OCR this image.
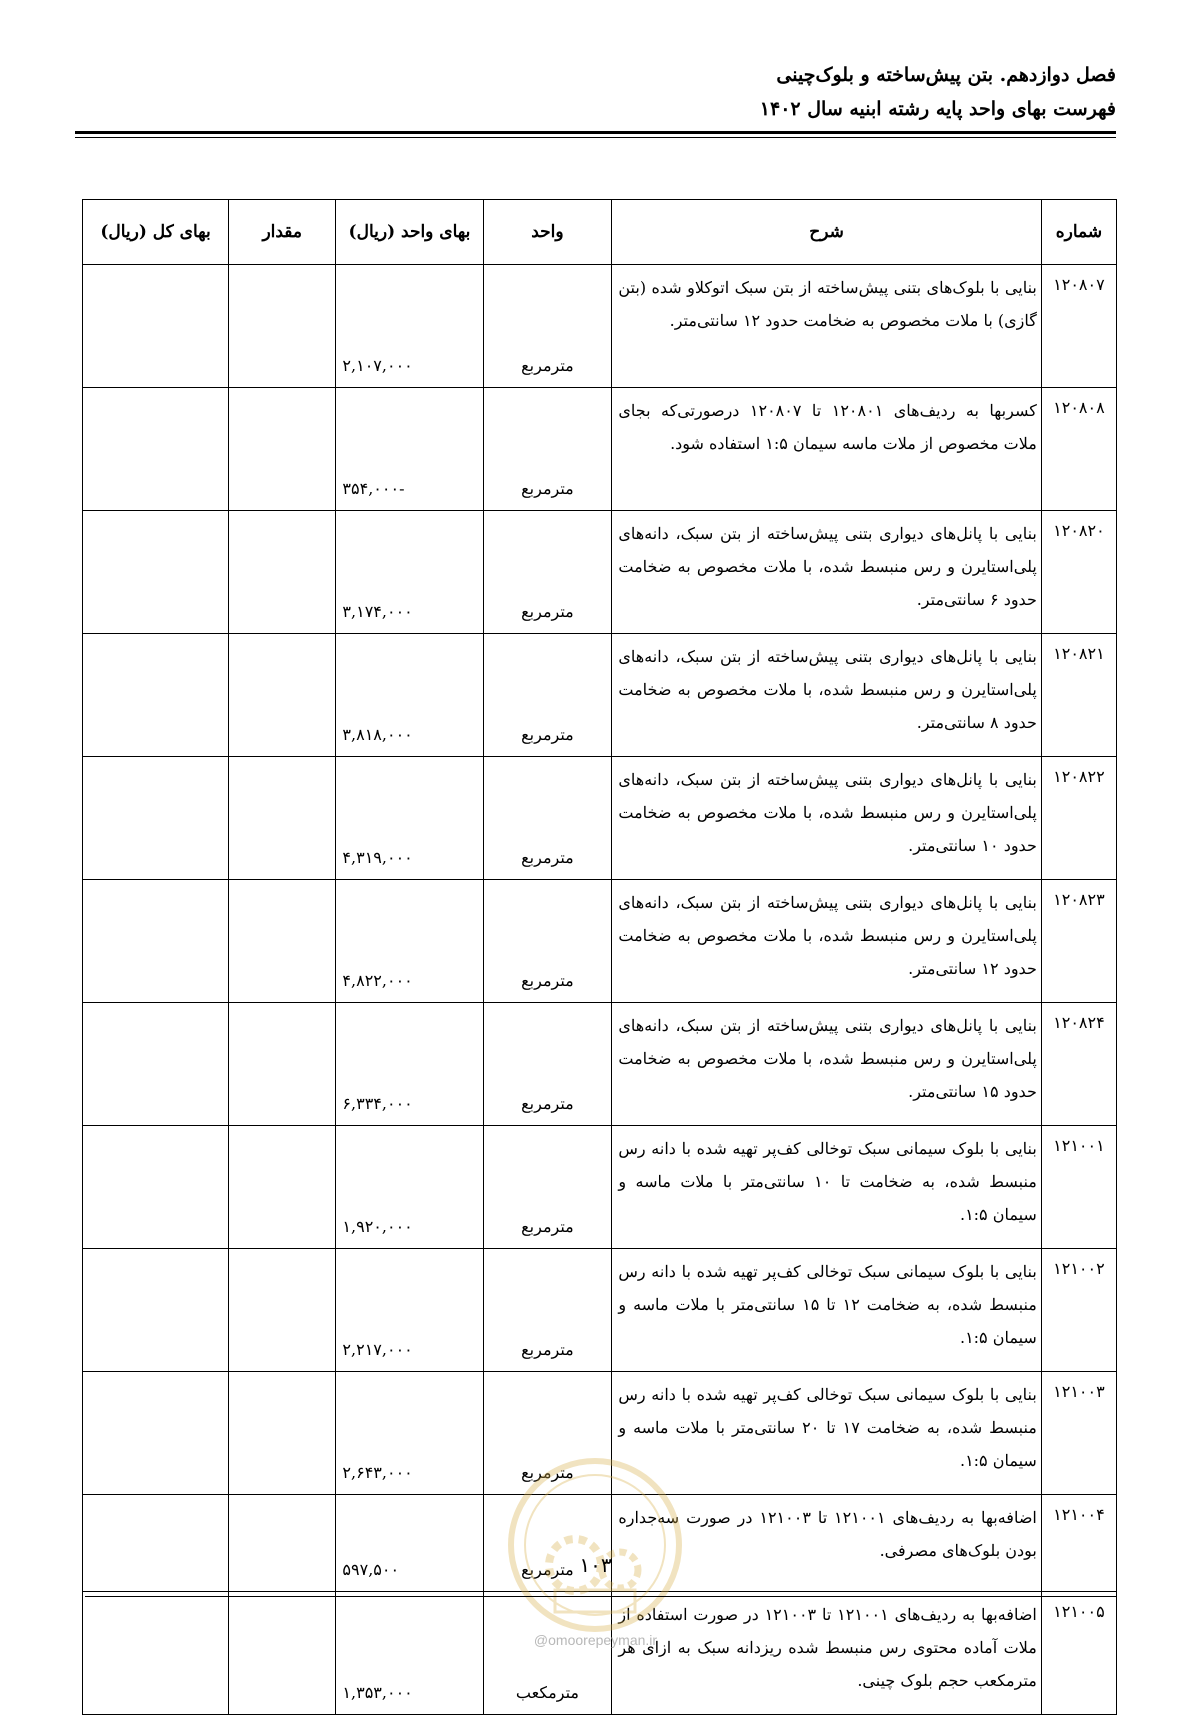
فصل دوازدهم. بتن پیش‌ساخته و بلوک‌چینی
فهرست بهای واحد پایه رشته ابنیه سال ۱۴۰۲
شماره	شرح	واحد	بهای واحد (ریال)	مقدار	بهای کل (ریال)
۱۲۰۸۰۷	بنایی با بلوک‌های بتنی پیش‌ساخته از بتن سبک اتوکلاو شده (بتن گازی) با ملات مخصوص به ضخامت حدود ۱۲ سانتی‌متر.	مترمربع	۲,۱۰۷,۰۰۰		
۱۲۰۸۰۸	کسربها به ردیف‌های ۱۲۰۸۰۱ تا ۱۲۰۸۰۷ درصورتی‌که بجای ملات مخصوص از ملات ماسه سیمان ۱:۵ استفاده شود.	مترمربع	-۳۵۴,۰۰۰		
۱۲۰۸۲۰	بنایی با پانل‌های دیواری بتنی پیش‌ساخته از بتن سبک، دانه‌های پلی‌استایرن و رس منبسط شده، با ملات مخصوص به ضخامت حدود ۶ سانتی‌متر.	مترمربع	۳,۱۷۴,۰۰۰		
۱۲۰۸۲۱	بنایی با پانل‌های دیواری بتنی پیش‌ساخته از بتن سبک، دانه‌های پلی‌استایرن و رس منبسط شده، با ملات مخصوص به ضخامت حدود ۸ سانتی‌متر.	مترمربع	۳,۸۱۸,۰۰۰		
۱۲۰۸۲۲	بنایی با پانل‌های دیواری بتنی پیش‌ساخته از بتن سبک، دانه‌های پلی‌استایرن و رس منبسط شده، با ملات مخصوص به ضخامت حدود ۱۰ سانتی‌متر.	مترمربع	۴,۳۱۹,۰۰۰		
۱۲۰۸۲۳	بنایی با پانل‌های دیواری بتنی پیش‌ساخته از بتن سبک، دانه‌های پلی‌استایرن و رس منبسط شده، با ملات مخصوص به ضخامت حدود ۱۲ سانتی‌متر.	مترمربع	۴,۸۲۲,۰۰۰		
۱۲۰۸۲۴	بنایی با پانل‌های دیواری بتنی پیش‌ساخته از بتن سبک، دانه‌های پلی‌استایرن و رس منبسط شده، با ملات مخصوص به ضخامت حدود ۱۵ سانتی‌متر.	مترمربع	۶,۳۳۴,۰۰۰		
۱۲۱۰۰۱	بنایی با بلوک سیمانی سبک توخالی کف‌پر تهیه شده با دانه رس منبسط شده، به ضخامت تا ۱۰ سانتی‌متر با ملات ماسه و سیمان ۱:۵.	مترمربع	۱,۹۲۰,۰۰۰		
۱۲۱۰۰۲	بنایی با بلوک سیمانی سبک توخالی کف‌پر تهیه شده با دانه رس منبسط شده، به ضخامت ۱۲ تا ۱۵ سانتی‌متر با ملات ماسه و سیمان ۱:۵.	مترمربع	۲,۲۱۷,۰۰۰		
۱۲۱۰۰۳	بنایی با بلوک سیمانی سبک توخالی کف‌پر تهیه شده با دانه رس منبسط شده، به ضخامت ۱۷ تا ۲۰ سانتی‌متر با ملات ماسه و سیمان ۱:۵.	مترمربع	۲,۶۴۳,۰۰۰		
۱۲۱۰۰۴	اضافه‌بها به ردیف‌های ۱۲۱۰۰۱ تا ۱۲۱۰۰۳ در صورت سه‌جداره بودن بلوک‌های مصرفی.	مترمربع	۵۹۷,۵۰۰		
۱۲۱۰۰۵	اضافه‌بها به ردیف‌های ۱۲۱۰۰۱ تا ۱۲۱۰۰۳ در صورت استفاده از ملات آماده محتوی رس منبسط شده ریزدانه سبک به ازای هر مترمکعب حجم بلوک چینی.	مترمکعب	۱,۳۵۳,۰۰۰		
۱۰۳
@omoorepeyman.ir
